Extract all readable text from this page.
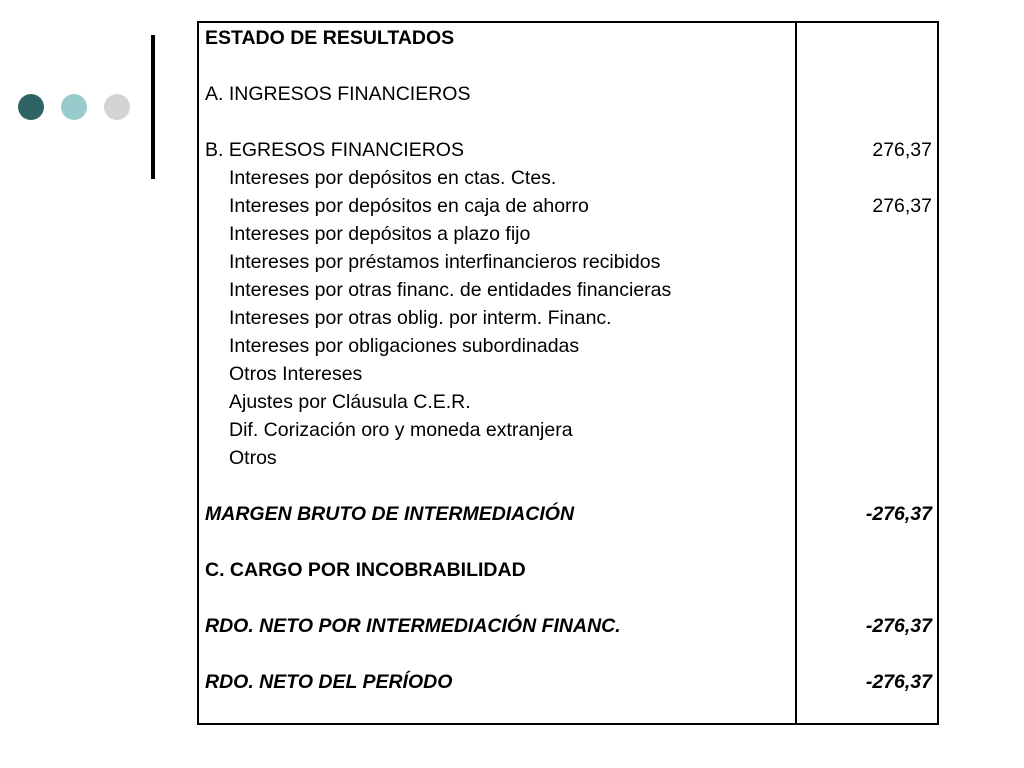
ESTADO DE RESULTADOS
A. INGRESOS FINANCIEROS
B. EGRESOS FINANCIEROS	276,37
Intereses por depósitos en ctas. Ctes.
Intereses por depósitos en caja de ahorro	276,37
Intereses por depósitos a plazo fijo
Intereses por préstamos interfinancieros recibidos
Intereses por otras financ. de entidades financieras
Intereses por otras oblig. por interm. Financ.
Intereses por obligaciones subordinadas
Otros Intereses
Ajustes por Cláusula C.E.R.
Dif. Corización oro y moneda extranjera
Otros
MARGEN BRUTO DE INTERMEDIACIÓN	-276,37
C. CARGO POR INCOBRABILIDAD
RDO. NETO POR INTERMEDIACIÓN FINANC.	-276,37
RDO. NETO DEL PERÍODO	-276,37
